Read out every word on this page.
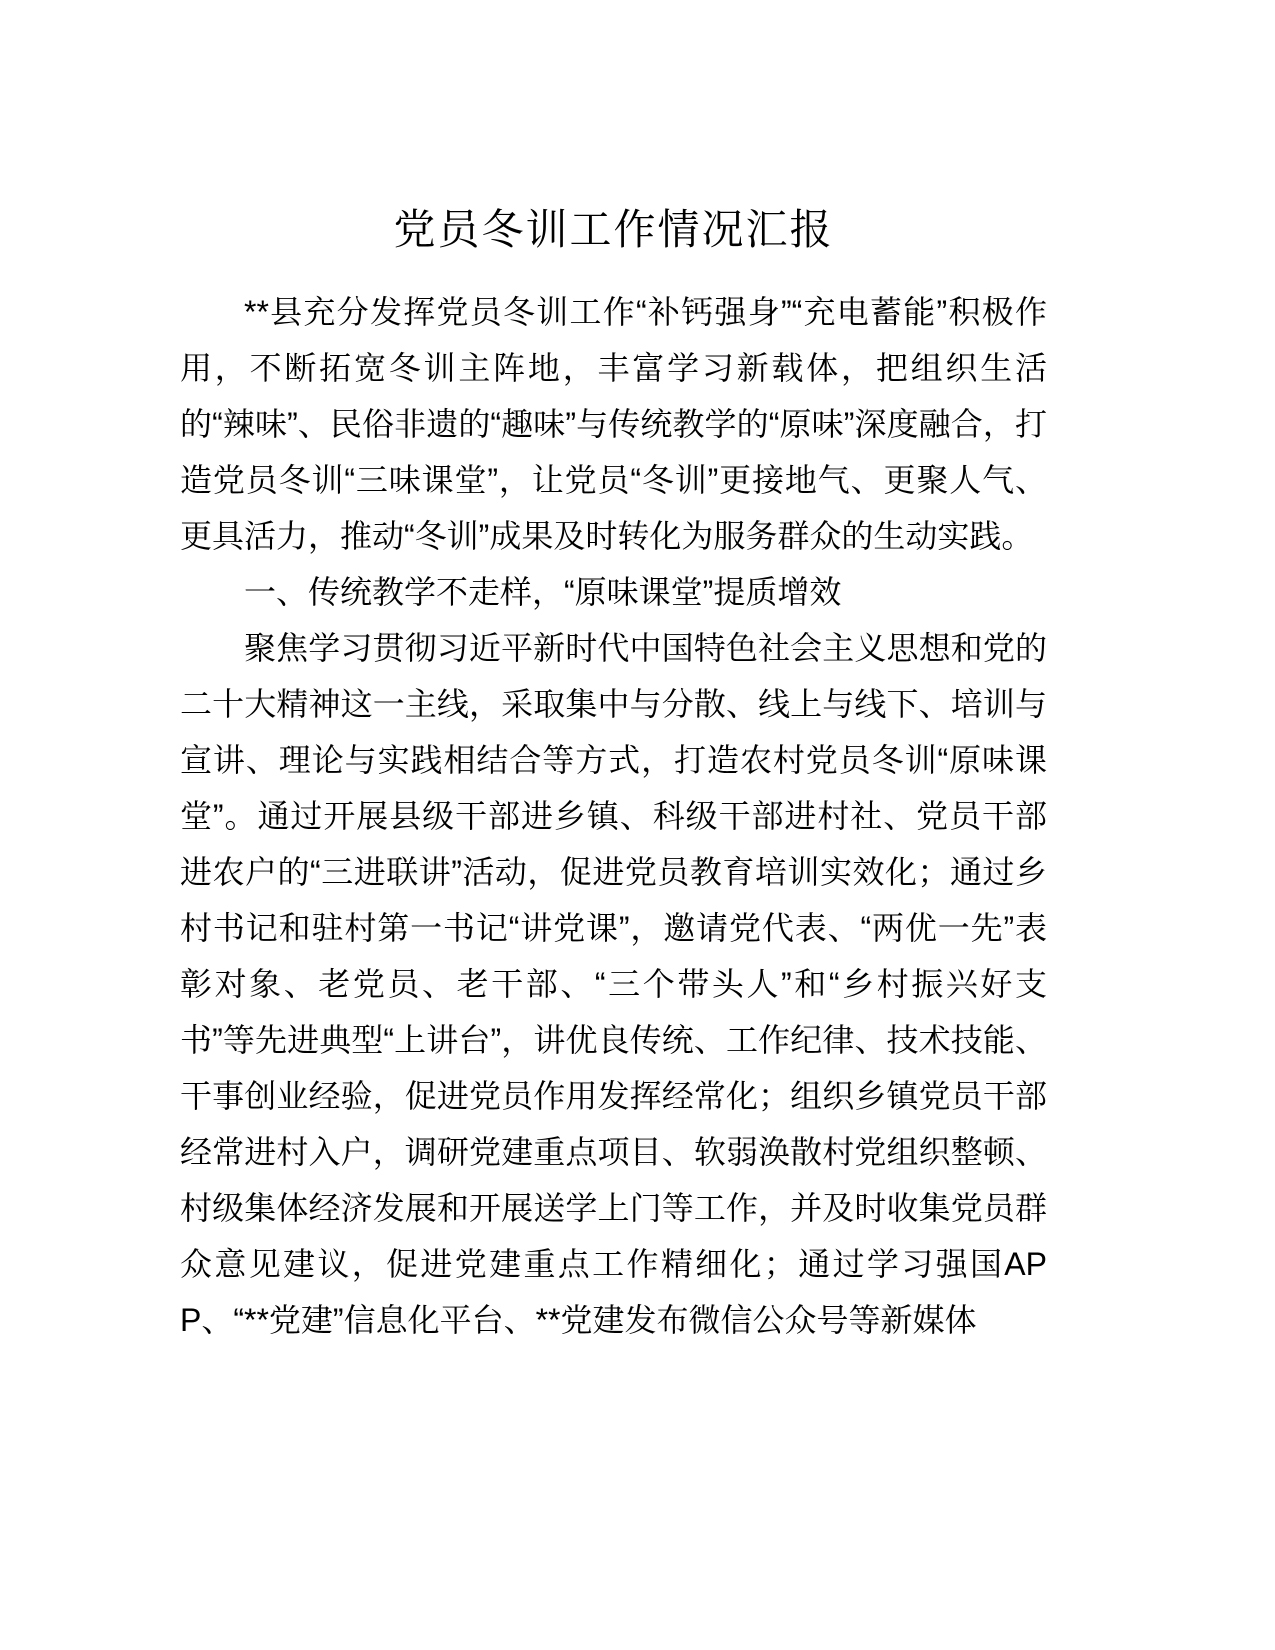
党员冬训工作情况汇报

**县充分发挥党员冬训工作“补钙强身”“充电蓄能”积极作用，不断拓宽冬训主阵地，丰富学习新载体，把组织生活的“辣味”、民俗非遗的“趣味”与传统教学的“原味”深度融合，打造党员冬训“三味课堂”，让党员“冬训”更接地气、更聚人气、更具活力，推动“冬训”成果及时转化为服务群众的生动实践。

一、传统教学不走样，“原味课堂”提质增效

聚焦学习贯彻习近平新时代中国特色社会主义思想和党的二十大精神这一主线，采取集中与分散、线上与线下、培训与宣讲、理论与实践相结合等方式，打造农村党员冬训“原味课堂”。通过开展县级干部进乡镇、科级干部进村社、党员干部进农户的“三进联讲”活动，促进党员教育培训实效化；通过乡村书记和驻村第一书记“讲党课”，邀请党代表、“两优一先”表彰对象、老党员、老干部、“三个带头人”和“乡村振兴好支书”等先进典型“上讲台”，讲优良传统、工作纪律、技术技能、干事创业经验，促进党员作用发挥经常化；组织乡镇党员干部经常进村入户，调研党建重点项目、软弱涣散村党组织整顿、村级集体经济发展和开展送学上门等工作，并及时收集党员群众意见建议，促进党建重点工作精细化；通过学习强国APP、“**党建”信息化平台、**党建发布微信公众号等新媒体
